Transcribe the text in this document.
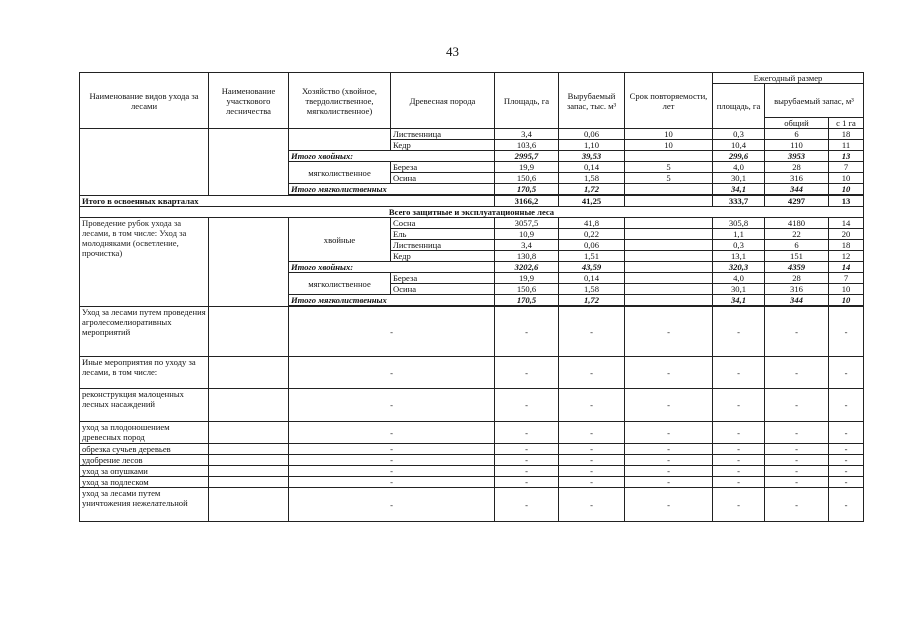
43
Наименование видов ухода за лесами	Наименование участкового лесничества	Хозяйство (хвойное, твердолиственное, мягколиственное)	Древесная порода	Площадь, га	Вырубаемый запас, тыс. м³	Срок повторяемости, лет	Ежегодный размер		
							площадь, га	вырубаемый запас, м³	
								общий	с 1 га
			Лиственница	3,4	0,06	10	0,3	6	18
			Кедр	103,6	1,10	10	10,4	110	11
		Итого хвойных:		2995,7	39,53		299,6	3953	13
		мягколиственное	Береза	19,9	0,14	5	4,0	28	7
			Осина	150,6	1,58	5	30,1	316	10
		Итого мягколиственных		170,5	1,72		34,1	344	10

Итого в освоенных кварталах				3166,2	41,25		333,7	4297	13
Всего защитные и эксплуатационные леса									
Проведение рубок ухода за лесами, в том числе: Уход за молодняками (осветление, прочистка)		хвойные	Сосна	3057,5	41,8		305,8	4180	14
			Ель	10,9	0,22		1,1	22	20
			Лиственница	3,4	0,06		0,3	6	18
			Кедр	130,8	1,51		13,1	151	12
		Итого хвойных:		3202,6	43,59		320,3	4359	14
		мягколиственное	Береза	19,9	0,14		4,0	28	7
			Осина	150,6	1,58		30,1	316	10
		Итого мягколиственных		170,5	1,72		34,1	344	10

Уход за лесами путем проведения агролесомелиоративных мероприятий		-		-	-	-	-	-	-
Иные мероприятия по уходу за лесами, в том числе:		-		-	-	-	-	-	-
реконструкция малоценных лесных насаждений		-		-	-	-	-	-	-
уход за плодоношением древесных пород		-		-	-	-	-	-	-
обрезка сучьев деревьев		-		-	-	-	-	-	-
удобрение лесов		-		-	-	-	-	-	-
уход за опушками		-		-	-	-	-	-	-
уход за подлеском		-		-	-	-	-	-	-
уход за лесами путем уничтожения нежелательной		-		-	-	-	-	-	-
